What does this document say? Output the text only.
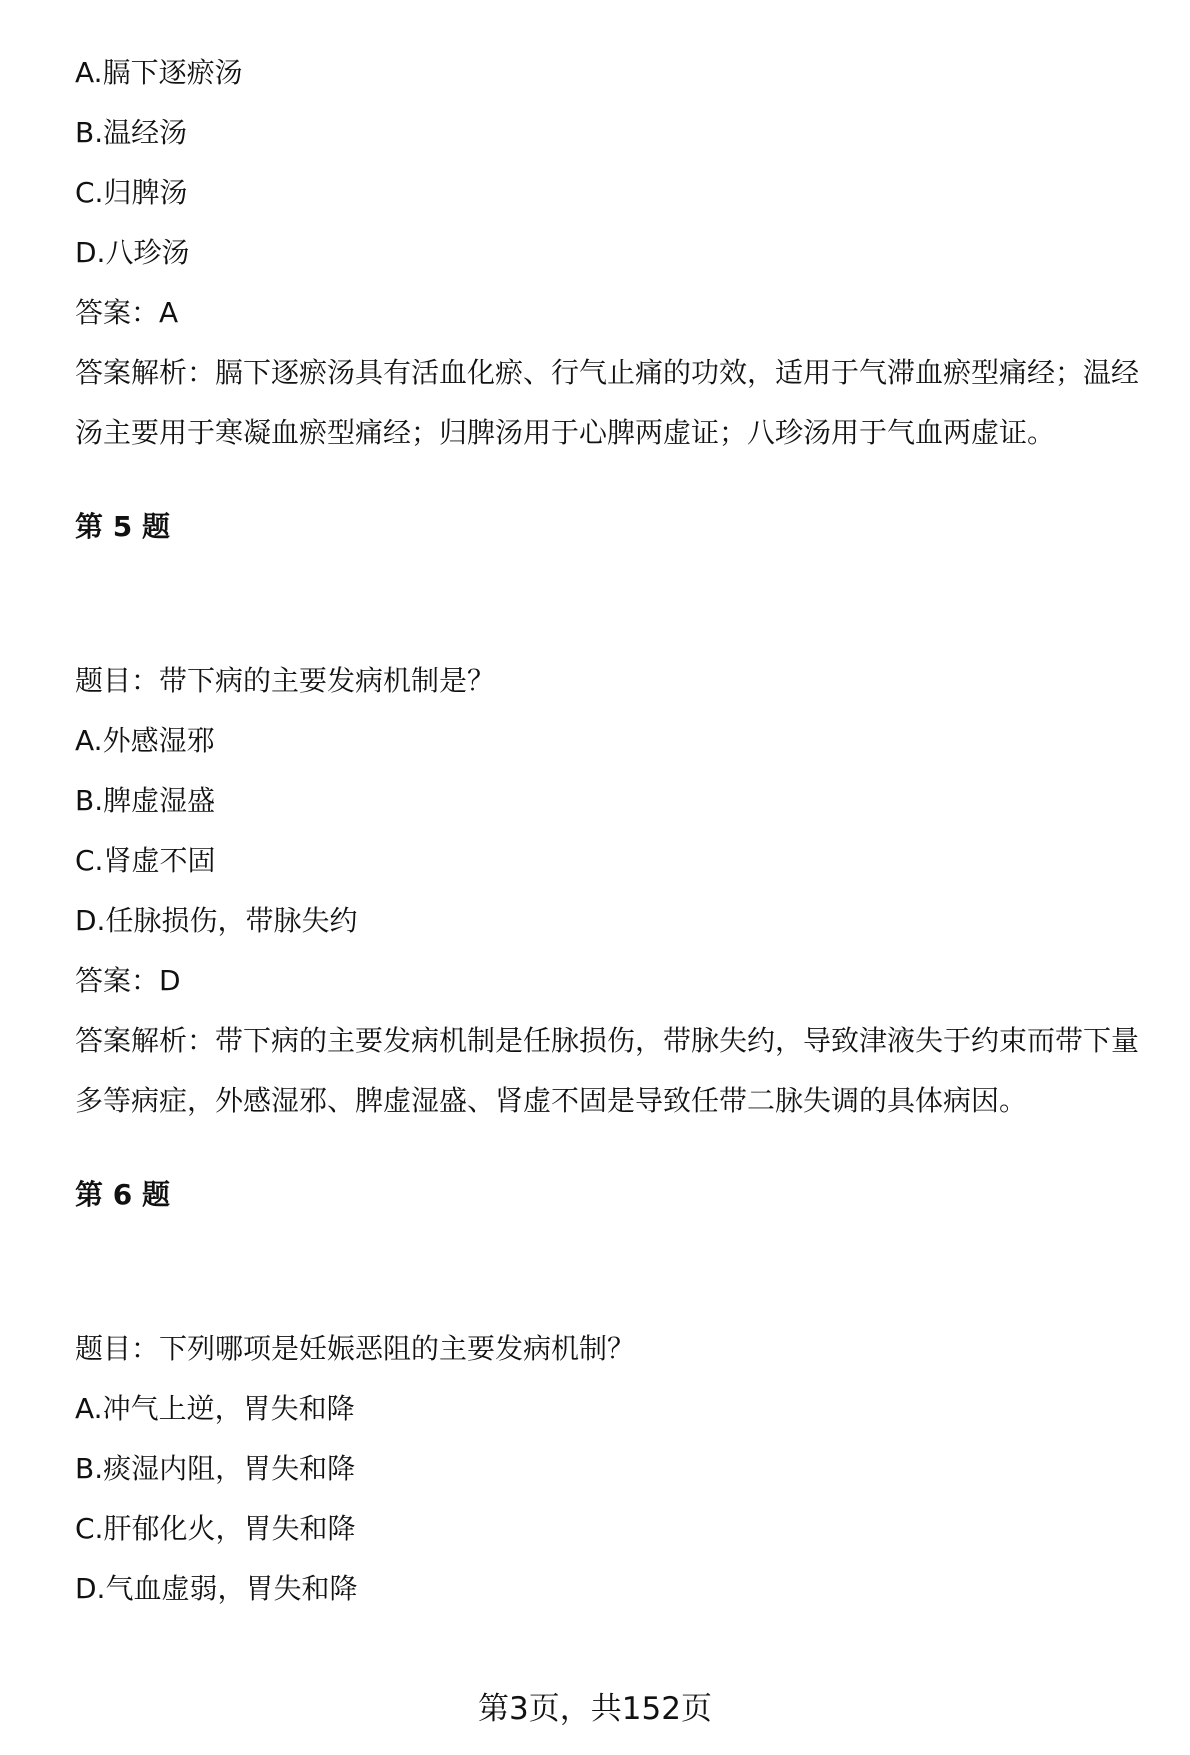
A.膈下逐瘀汤
B.温经汤
C.归脾汤
D.八珍汤
答案：A

答案解析：膈下逐瘀汤具有活血化瘀、行气止痛的功效，适用于气滞血瘀型痛经；温经汤主要用于寒凝血瘀型痛经；归脾汤用于心脾两虚证；八珍汤用于气血两虚证。

第 5 题
题目：带下病的主要发病机制是？
A.外感湿邪
B.脾虚湿盛
C.肾虚不固
D.任脉损伤，带脉失约
答案：D

答案解析：带下病的主要发病机制是任脉损伤，带脉失约，导致津液失于约束而带下量多等病症，外感湿邪、脾虚湿盛、肾虚不固是导致任带二脉失调的具体病因。

第 6 题
题目：下列哪项是妊娠恶阻的主要发病机制？
A.冲气上逆，胃失和降
B.痰湿内阻，胃失和降
C.肝郁化火，胃失和降
D.气血虚弱，胃失和降
第3页，共152页
